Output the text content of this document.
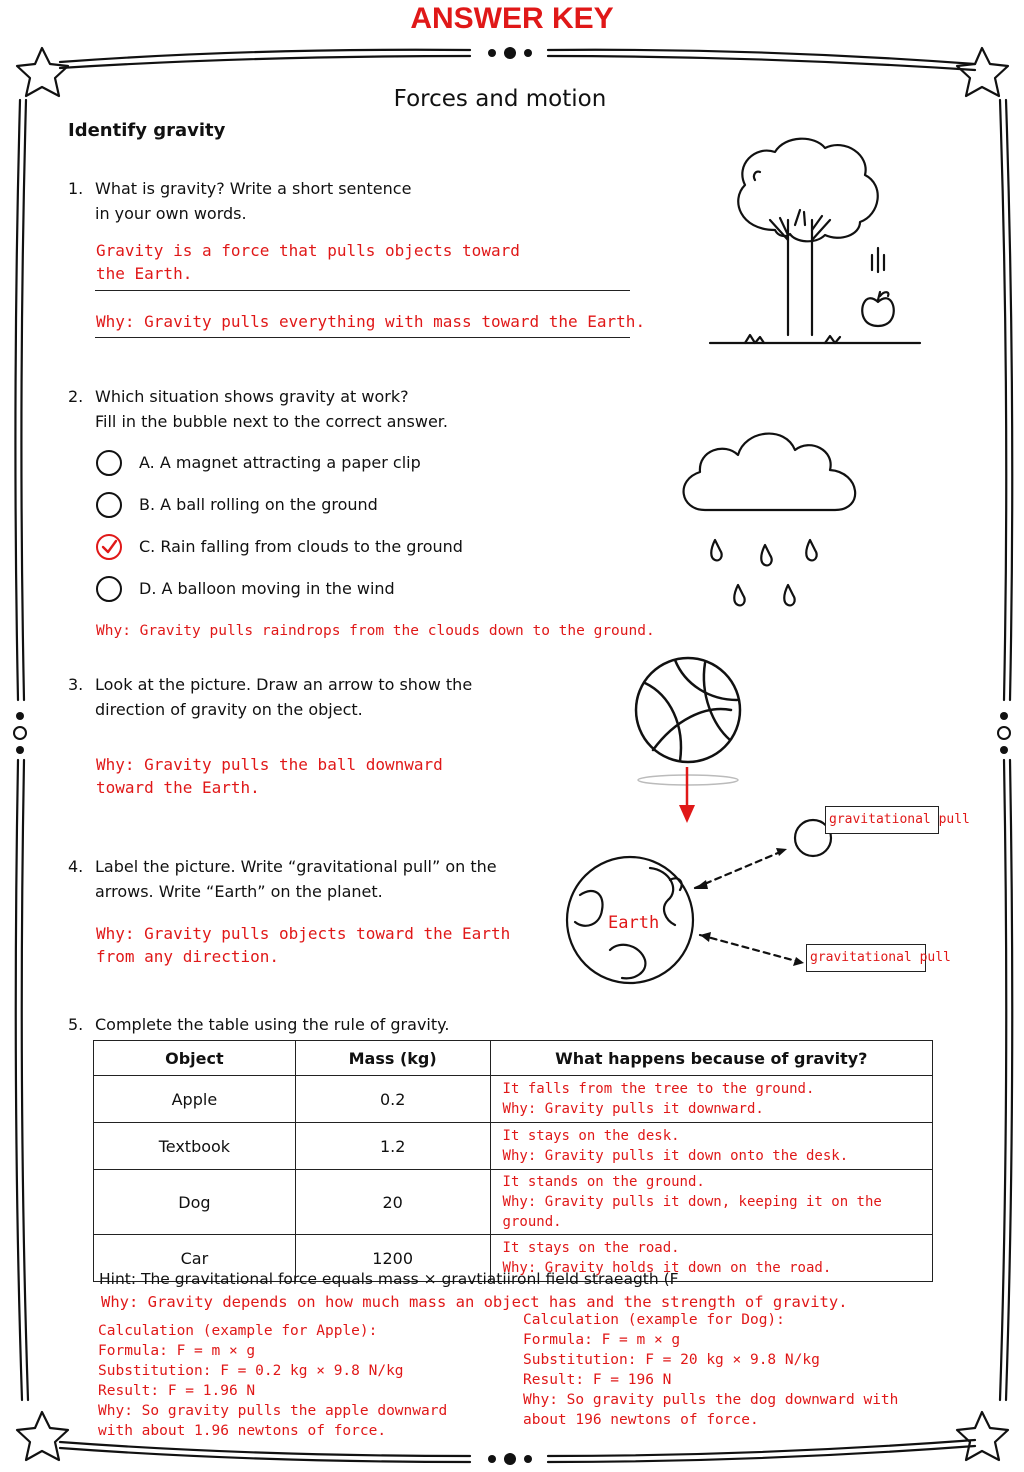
ANSWER KEY
Forces and motion
Identify gravity
1. What is gravity? Write a short sentence
in your own words.
Gravity is a force that pulls objects toward
the Earth.
Why: Gravity pulls everything with mass toward the Earth.
2. Which situation shows gravity at work?
Fill in the bubble next to the correct answer.
A. A magnet attracting a paper clip
B. A ball rolling on the ground
C. Rain falling from clouds to the ground
D. A balloon moving in the wind
Why: Gravity pulls raindrops from the clouds down to the ground.
3. Look at the picture. Draw an arrow to show the
direction of gravity on the object.
Why: Gravity pulls the ball downward
toward the Earth.
4. Label the picture. Write “gravitational pull” on the
arrows. Write “Earth” on the planet.
Why: Gravity pulls objects toward the Earth
from any direction.
Earth
gravitational pull
gravitational pull
5. Complete the table using the rule of gravity.
Object	Mass (kg)	What happens because of gravity?
Apple	0.2	It falls from the tree to the ground.
Why: Gravity pulls it downward.

Textbook	1.2	It stays on the desk.
Why: Gravity pulls it down onto the desk.

Dog	20	It stands on the ground.
Why: Gravity pulls it down, keeping it on the ground.

Car	1200	It stays on the road.
Why: Gravity holds it down on the road.
Hint: The gravitational force equals mass × gravtiatiironl field straeagth (F
Why: Gravity depends on how much mass an object has and the strength of gravity.
Calculation (example for Apple):
Formula: F = m × g
Substitution: F = 0.2 kg × 9.8 N/kg
Result: F = 1.96 N
Why: So gravity pulls the apple downward
with about 1.96 newtons of force.
Calculation (example for Dog):
Formula: F = m × g
Substitution: F = 20 kg × 9.8 N/kg
Result: F = 196 N
Why: So gravity pulls the dog downward with
about 196 newtons of force.
